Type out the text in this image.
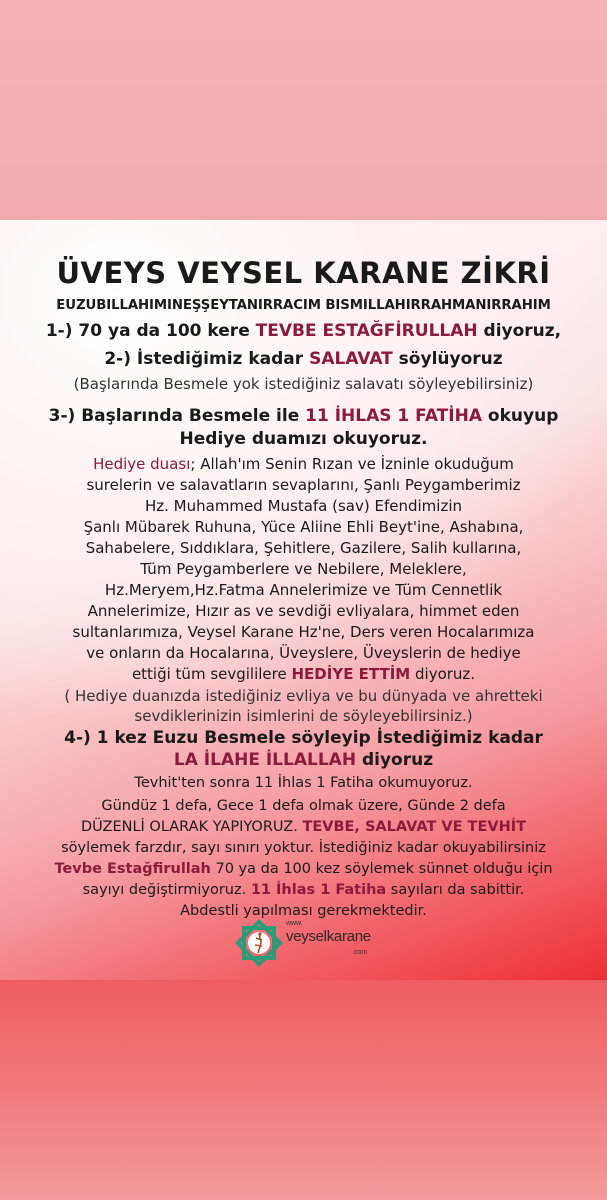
ÜVEYS VEYSEL KARANE ZİKRİ
EUZUBILLAHIMINEŞŞEYTANIRRACIM BISMILLAHIRRAHMANIRRAHIM
1-) 70 ya da 100 kere TEVBE ESTAĞFİRULLAH diyoruz,
2-) İstediğimiz kadar SALAVAT söylüyoruz
(Başlarında Besmele yok istediğiniz salavatı söyleyebilirsiniz)
3-) Başlarında Besmele ile 11 İHLAS 1 FATİHA okuyup
Hediye duamızı okuyoruz.
Hediye duası; Allah'ım Senin Rızan ve İzninle okuduğum
surelerin ve salavatların sevaplarını, Şanlı Peygamberimiz
Hz. Muhammed Mustafa (sav) Efendimizin
Şanlı Mübarek Ruhuna, Yüce Aliine Ehli Beyt'ine, Ashabına,
Sahabelere, Sıddıklara, Şehitlere, Gazilere, Salih kullarına,
Tüm Peygamberlere ve Nebilere, Meleklere,
Hz.Meryem,Hz.Fatma Annelerimize ve Tüm Cennetlik
Annelerimize, Hızır as ve sevdiği evliyalara, himmet eden
sultanlarımıza, Veysel Karane Hz'ne, Ders veren Hocalarımıza
ve onların da Hocalarına, Üveyslere, Üveyslerin de hediye
ettiği tüm sevgililere HEDİYE ETTİM diyoruz.
( Hediye duanızda istediğiniz evliya ve bu dünyada ve ahretteki
sevdiklerinizin isimlerini de söyleyebilirsiniz.)
4-) 1 kez Euzu Besmele söyleyip İstediğimiz kadar
LA İLAHE İLLALLAH diyoruz
Tevhit'ten sonra 11 İhlas 1 Fatiha okumuyoruz.
Gündüz 1 defa, Gece 1 defa olmak üzere, Günde 2 defa
DÜZENLİ OLARAK YAPIYORUZ. TEVBE, SALAVAT VE TEVHİT
söylemek farzdır, sayı sınırı yoktur. İstediğiniz kadar okuyabilirsiniz
Tevbe Estağfirullah 70 ya da 100 kez söylemek sünnet olduğu için
sayıyı değiştirmiyoruz. 11 İhlas 1 Fatiha sayıları da sabittir.
Abdestli yapılması gerekmektedir.
www.
veyselkarane
.com
